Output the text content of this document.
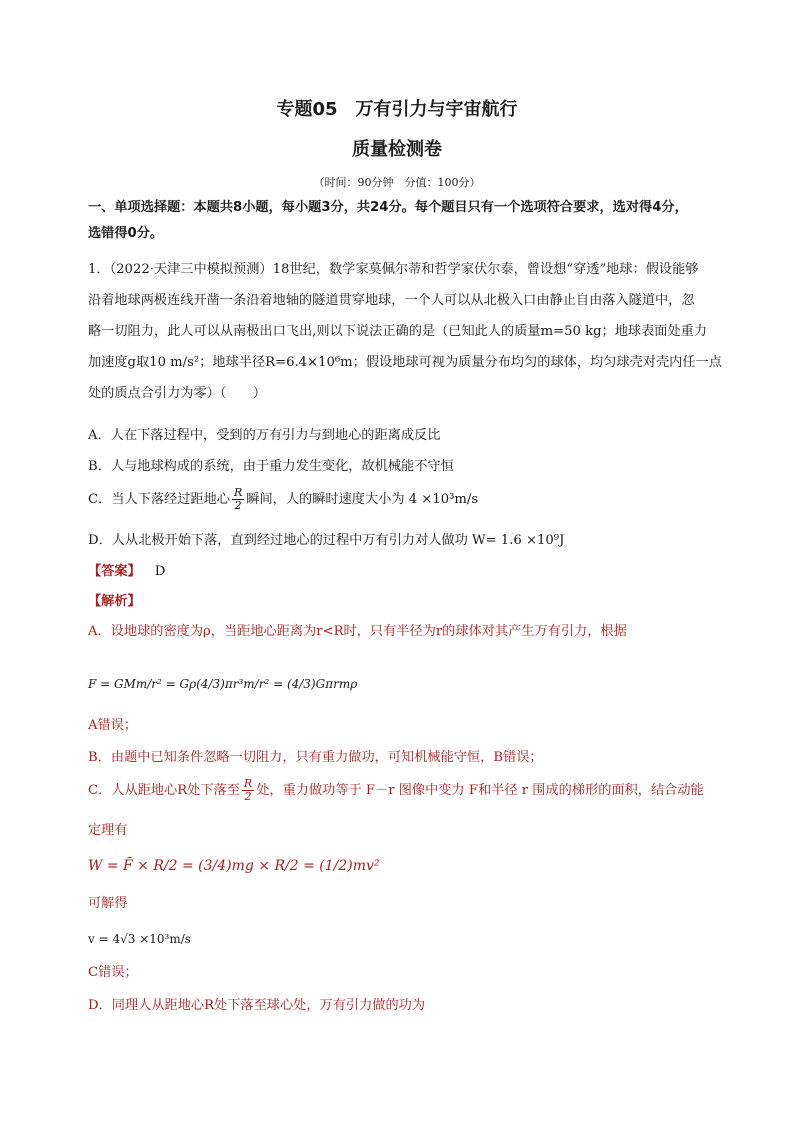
专题05　万有引力与宇宙航行
质量检测卷
（时间：90分钟　分值：100分）
一、单项选择题：本题共8小题，每小题3分，共24分。每个题目只有一个选项符合要求，选对得4分，
选错得0分。
1．（2022·天津三中模拟预测）18世纪，数学家莫佩尔蒂和哲学家伏尔泰，曾设想“穿透”地球：假设能够
沿着地球两极连线开凿一条沿着地轴的隧道贯穿地球，一个人可以从北极入口由静止自由落入隧道中，忽
略一切阻力，此人可以从南极出口飞出,则以下说法正确的是（已知此人的质量m=50 kg；地球表面处重力
加速度g取10 m/s²；地球半径R=6.4×10⁶m；假设地球可视为质量分布均匀的球体，均匀球壳对壳内任一点
处的质点合引力为零）（　　）
A．人在下落过程中，受到的万有引力与到地心的距离成反比
B．人与地球构成的系统，由于重力发生变化，故机械能不守恒
C．当人下落经过距地心 $\frac{R}{2}$ 瞬间，人的瞬时速度大小为 4 ×10³m/s
D．人从北极开始下落，直到经过地心的过程中万有引力对人做功 W= 1.6 ×10⁹J
【答案】 D
【解析】
A．设地球的密度为ρ，当距地心距离为r<R时，只有半径为r的球体对其产生万有引力，根据
F = GMm/r² = Gρ(4/3)πr³m/r² = (4/3)Gπrmρ
A错误；
B．由题中已知条件忽略一切阻力，只有重力做功，可知机械能守恒，B错误；
C．人从距地心R处下落至 $\frac{R}{2}$ 处，重力做功等于 F－r 图像中变力 F和半径 r 围成的梯形的面积，结合动能
定理有
W = F̄ × R/2 = (3/4)mg × R/2 = (1/2)mv²
可解得
v = 4√3 ×10³m/s
C错误；
D．同理人从距地心R处下落至球心处，万有引力做的功为
